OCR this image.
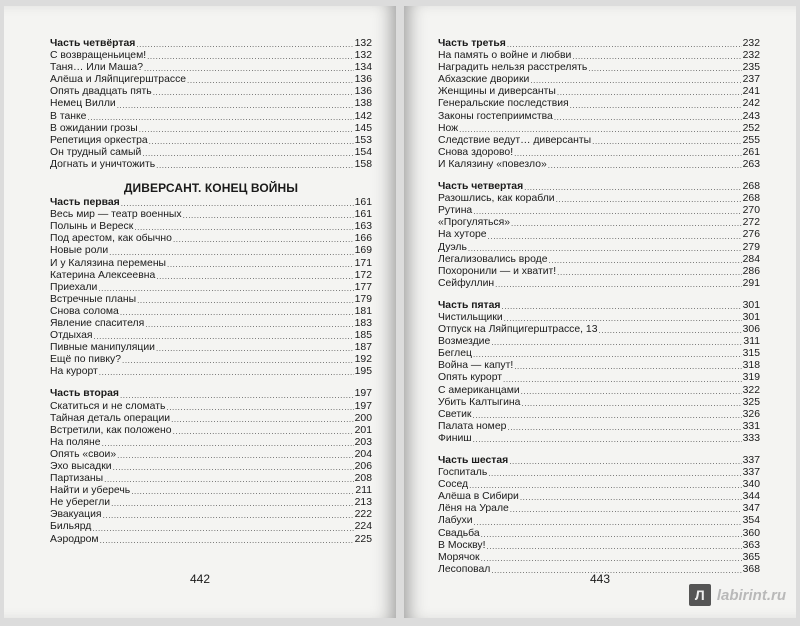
Часть четвёртая .....	132
С возвращеньицем! .....	132
Таня… Или Маша? .....	134
Алёша и Ляйпцигерштрассе .....	136
Опять двадцать пять .....	136
Немец Вилли .....	138
В танке .....	142
В ожидании грозы .....	145
Репетиция оркестра .....	153
Он трудный самый .....	154
Догнать и уничтожить .....	158
ДИВЕРСАНТ. КОНЕЦ ВОЙНЫ
Часть первая .....	161
Весь мир — театр военных .....	161
Полынь и Вереск .....	163
Под арестом, как обычно .....	166
Новые роли .....	169
И у Калязина перемены .....	171
Катерина Алексеевна .....	172
Приехали .....	177
Встречные планы .....	179
Снова солома .....	181
Явление спасителя .....	183
Отдыхая .....	185
Пивные манипуляции .....	187
Ещё по пивку? .....	192
На курорт .....	195
Часть вторая .....	197
Скатиться и не сломать .....	197
Тайная деталь операции .....	200
Встретили, как положено .....	201
На поляне .....	203
Опять «свои» .....	204
Эхо высадки .....	206
Партизаны .....	208
Найти и уберечь .....	211
Не уберегли .....	213
Эвакуация .....	222
Бильярд .....	224
Аэродром .....	225
442
Часть третья .....	232
На память о войне и любви .....	232
Наградить нельзя расстрелять .....	235
Абхазские дворики .....	237
Женщины и диверсанты .....	241
Генеральские последствия .....	242
Законы гостеприимства .....	243
Нож .....	252
Следствие ведут… диверсанты .....	255
Снова здорово! .....	261
И Калязину «повезло» .....	263
Часть четвертая .....	268
Разошлись, как корабли .....	268
Рутина .....	270
«Прогуляться» .....	272
На хуторе .....	276
Дуэль .....	279
Легализовались вроде .....	284
Похоронили — и хватит! .....	286
Сейфуллин .....	291
Часть пятая .....	301
Чистильщики .....	301
Отпуск на Ляйпцигерштрассе, 13 .....	306
Возмездие .....	311
Беглец .....	315
Война — капут! .....	318
Опять курорт .....	319
С американцами .....	322
Убить Калтыгина .....	325
Светик .....	326
Палата номер .....	331
Финиш .....	333
Часть шестая .....	337
Госпиталь .....	337
Сосед .....	340
Алёша в Сибири .....	344
Лёня на Урале .....	347
Лабухи .....	354
Свадьба .....	360
В Москву! .....	363
Морячок .....	365
Лесоповал .....	368
443
Л labirint.ru
